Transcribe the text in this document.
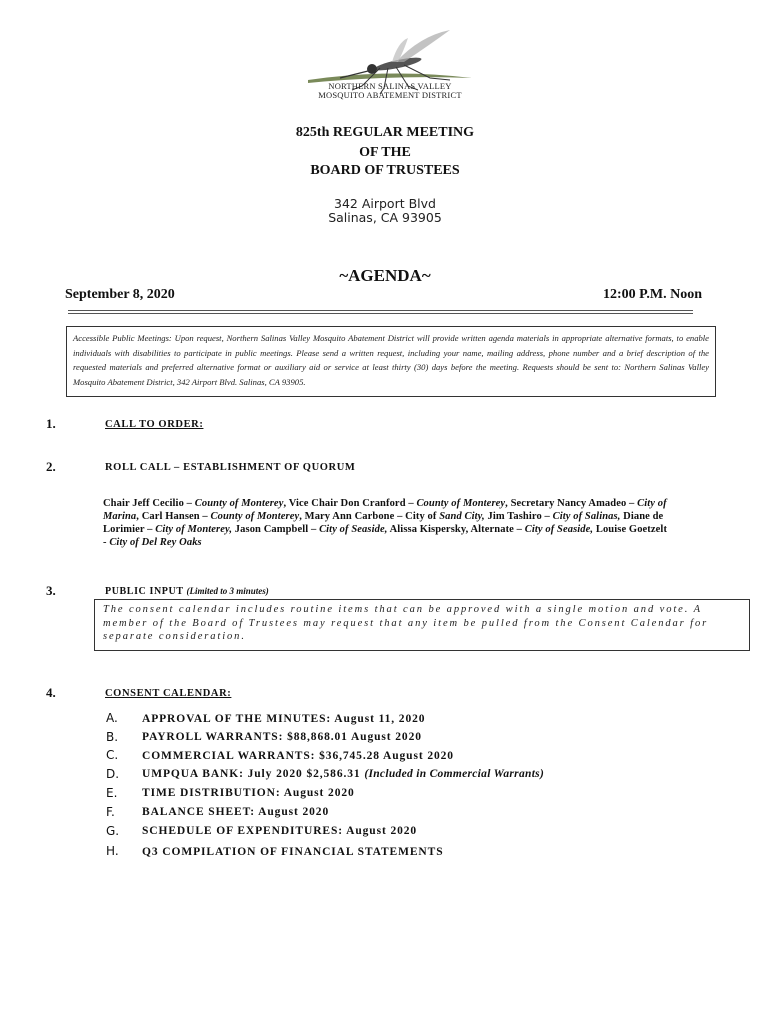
NORTHERN SALINAS VALLEY
MOSQUITO ABATEMENT DISTRICT
825th REGULAR MEETING
OF THE
BOARD OF TRUSTEES
342 Airport Blvd
Salinas, CA 93905
~AGENDA~
September 8, 2020	12:00 P.M. Noon
Accessible Public Meetings: Upon request, Northern Salinas Valley Mosquito Abatement District will provide written agenda materials in appropriate alternative formats, to enable individuals with disabilities to participate in public meetings. Please send a written request, including your name, mailing address, phone number and a brief description of the requested materials and preferred alternative format or auxiliary aid or service at least thirty (30) days before the meeting. Requests should be sent to: Northern Salinas Valley Mosquito Abatement District, 342 Airport Blvd. Salinas, CA 93905.
1.	CALL TO ORDER:
2.	ROLL CALL – ESTABLISHMENT OF QUORUM
Chair Jeff Cecilio – County of Monterey, Vice Chair Don Cranford – County of Monterey, Secretary Nancy Amadeo – City of Marina, Carl Hansen – County of Monterey, Mary Ann Carbone – City of Sand City, Jim Tashiro – City of Salinas, Diane de Lorimier – City of Monterey, Jason Campbell – City of Seaside, Alissa Kispersky, Alternate – City of Seaside, Louise Goetzelt - City of Del Rey Oaks
3.	PUBLIC INPUT (Limited to 3 minutes)
The consent calendar includes routine items that can be approved with a single motion and vote. A member of the Board of Trustees may request that any item be pulled from the Consent Calendar for separate consideration.
4.	CONSENT CALENDAR:
A. APPROVAL OF THE MINUTES: August 11, 2020
B. PAYROLL WARRANTS: $88,868.01 August 2020
C. COMMERCIAL WARRANTS: $36,745.28 August 2020
D. UMPQUA BANK: July 2020 $2,586.31 (Included in Commercial Warrants)
E. TIME DISTRIBUTION: August 2020
F. BALANCE SHEET: August 2020
G. SCHEDULE OF EXPENDITURES: August 2020
H. Q3 COMPILATION OF FINANCIAL STATEMENTS
